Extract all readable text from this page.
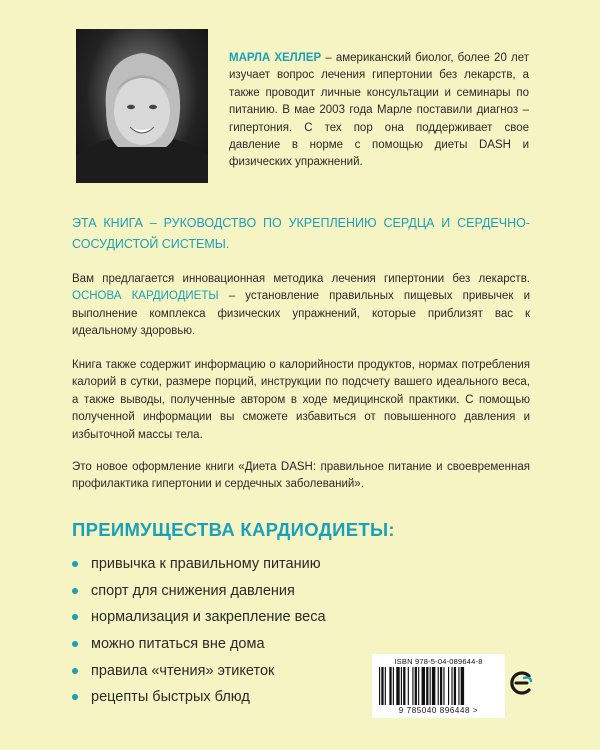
МАРЛА ХЕЛЛЕР – американский биолог, более 20 лет изучает вопрос лечения гипертонии без лекарств, а также проводит личные консультации и семинары по питанию. В мае 2003 года Марле поставили диагноз – гипертония. С тех пор она поддерживает свое давление в норме с помощью диеты DASH и физических упражнений.
ЭТА КНИГА – РУКОВОДСТВО ПО УКРЕПЛЕНИЮ СЕРДЦА И СЕРДЕЧНО-СОСУДИСТОЙ СИСТЕМЫ.
Вам предлагается инновационная методика лечения гипертонии без лекарств. ОСНОВА КАРДИОДИЕТЫ – установление правильных пищевых привычек и выполнение комплекса физических упражнений, которые приблизят вас к идеальному здоровью.
Книга также содержит информацию о калорийности продуктов, нормах потребления калорий в сутки, размере порций, инструкции по подсчету вашего идеального веса, а также выводы, полученные автором в ходе медицинской практики. С помощью полученной информации вы сможете избавиться от повышенного давления и избыточной массы тела.
Это новое оформление книги «Диета DASH: правильное питание и своевременная профилактика гипертонии и сердечных заболеваний».
ПРЕИМУЩЕСТВА КАРДИОДИЕТЫ:
привычка к правильному питанию
спорт для снижения давления
нормализация и закрепление веса
можно питаться вне дома
правила «чтения» этикеток
рецепты быстрых блюд
ISBN 978-5-04-089644-8
9 785040 896448 >
